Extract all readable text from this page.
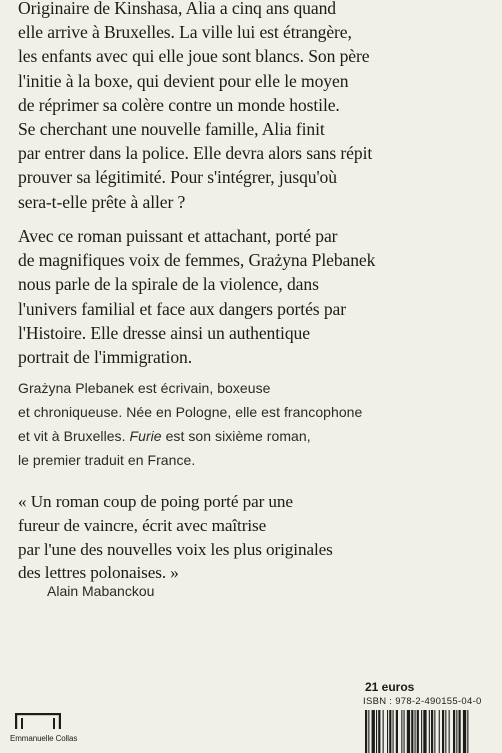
Originaire de Kinshasa, Alia a cinq ans quand
elle arrive à Bruxelles. La ville lui est étrangère,
les enfants avec qui elle joue sont blancs. Son père
l'initie à la boxe, qui devient pour elle le moyen
de réprimer sa colère contre un monde hostile.
Se cherchant une nouvelle famille, Alia finit
par entrer dans la police. Elle devra alors sans répit
prouver sa légitimité. Pour s'intégrer, jusqu'où
sera-t-elle prête à aller ?
Avec ce roman puissant et attachant, porté par
de magnifiques voix de femmes, Grażyna Plebanek
nous parle de la spirale de la violence, dans
l'univers familial et face aux dangers portés par
l'Histoire. Elle dresse ainsi un authentique
portrait de l'immigration.
Grażyna Plebanek est écrivain, boxeuse
et chroniqueuse. Née en Pologne, elle est francophone
et vit à Bruxelles. Furie est son sixième roman,
le premier traduit en France.
« Un roman coup de poing porté par une
fureur de vaincre, écrit avec maîtrise
par l'une des nouvelles voix les plus originales
des lettres polonaises. »
Alain Mabanckou
Emmanuelle Collas
21 euros
ISBN : 978-2-490155-04-0
